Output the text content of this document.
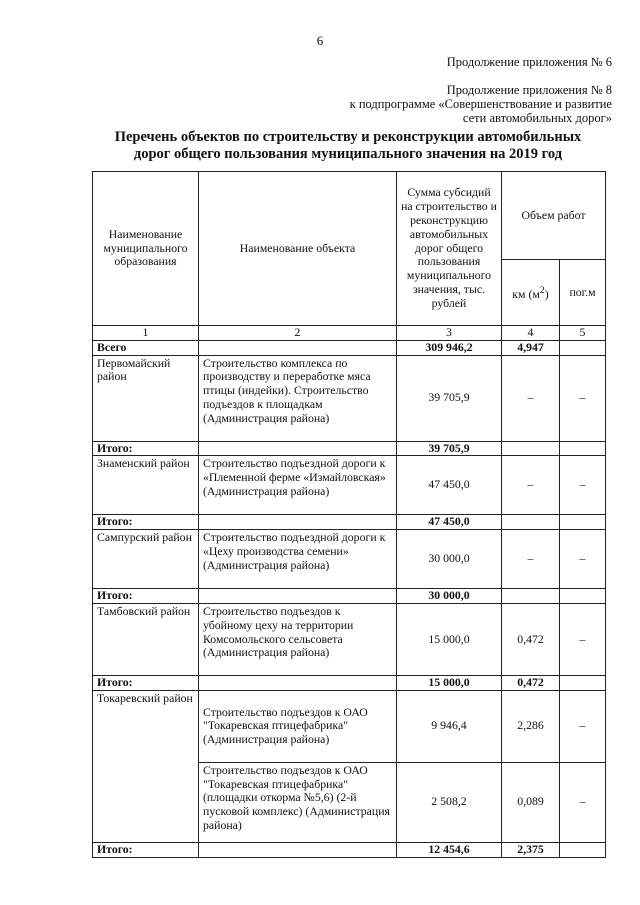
6
Продолжение приложения № 6
Продолжение приложения № 8
к подпрограмме «Совершенствование и развитие
сети автомобильных дорог»
Перечень объектов по строительству и реконструкции автомобильных
дорог общего пользования муниципального значения на 2019 год
Наименование муниципального образования	Наименование объекта	Сумма субсидий на строительство и реконструкцию автомобильных дорог общего пользования муниципального значения, тыс. рублей	Объем работ	
			км $(м^2)$	пог.м
1	2	3	4	5
Всего		309 946,2	4,947	
Первомайский район	Строительство комплекса по производству и переработке мяса птицы (индейки). Строительство подъездов к площадкам (Администрация района)	39 705,9	–	–
Итого:		39 705,9		
Знаменский район	Строительство подъездной дороги к «Племенной ферме «Измайловская» (Администрация района)	47 450,0	–	–
Итого:		47 450,0		
Сампурский район	Строительство подъездной дороги к «Цеху производства семени» (Администрация района)	30 000,0	–	–
Итого:		30 000,0		
Тамбовский район	Строительство подъездов к убойному цеху на территории Комсомольского сельсовета (Администрация района)	15 000,0	0,472	–
Итого:		15 000,0	0,472	
Токаревский район	Строительство подъездов к ОАО "Токаревская птицефабрика" (Администрация района)	9 946,4	2,286	–
	Строительство подъездов к ОАО "Токаревская птицефабрика" (площадки откорма №5,6) (2-й пусковой комплекс) (Администрация района)	2 508,2	0,089	–
Итого:		12 454,6	2,375	
